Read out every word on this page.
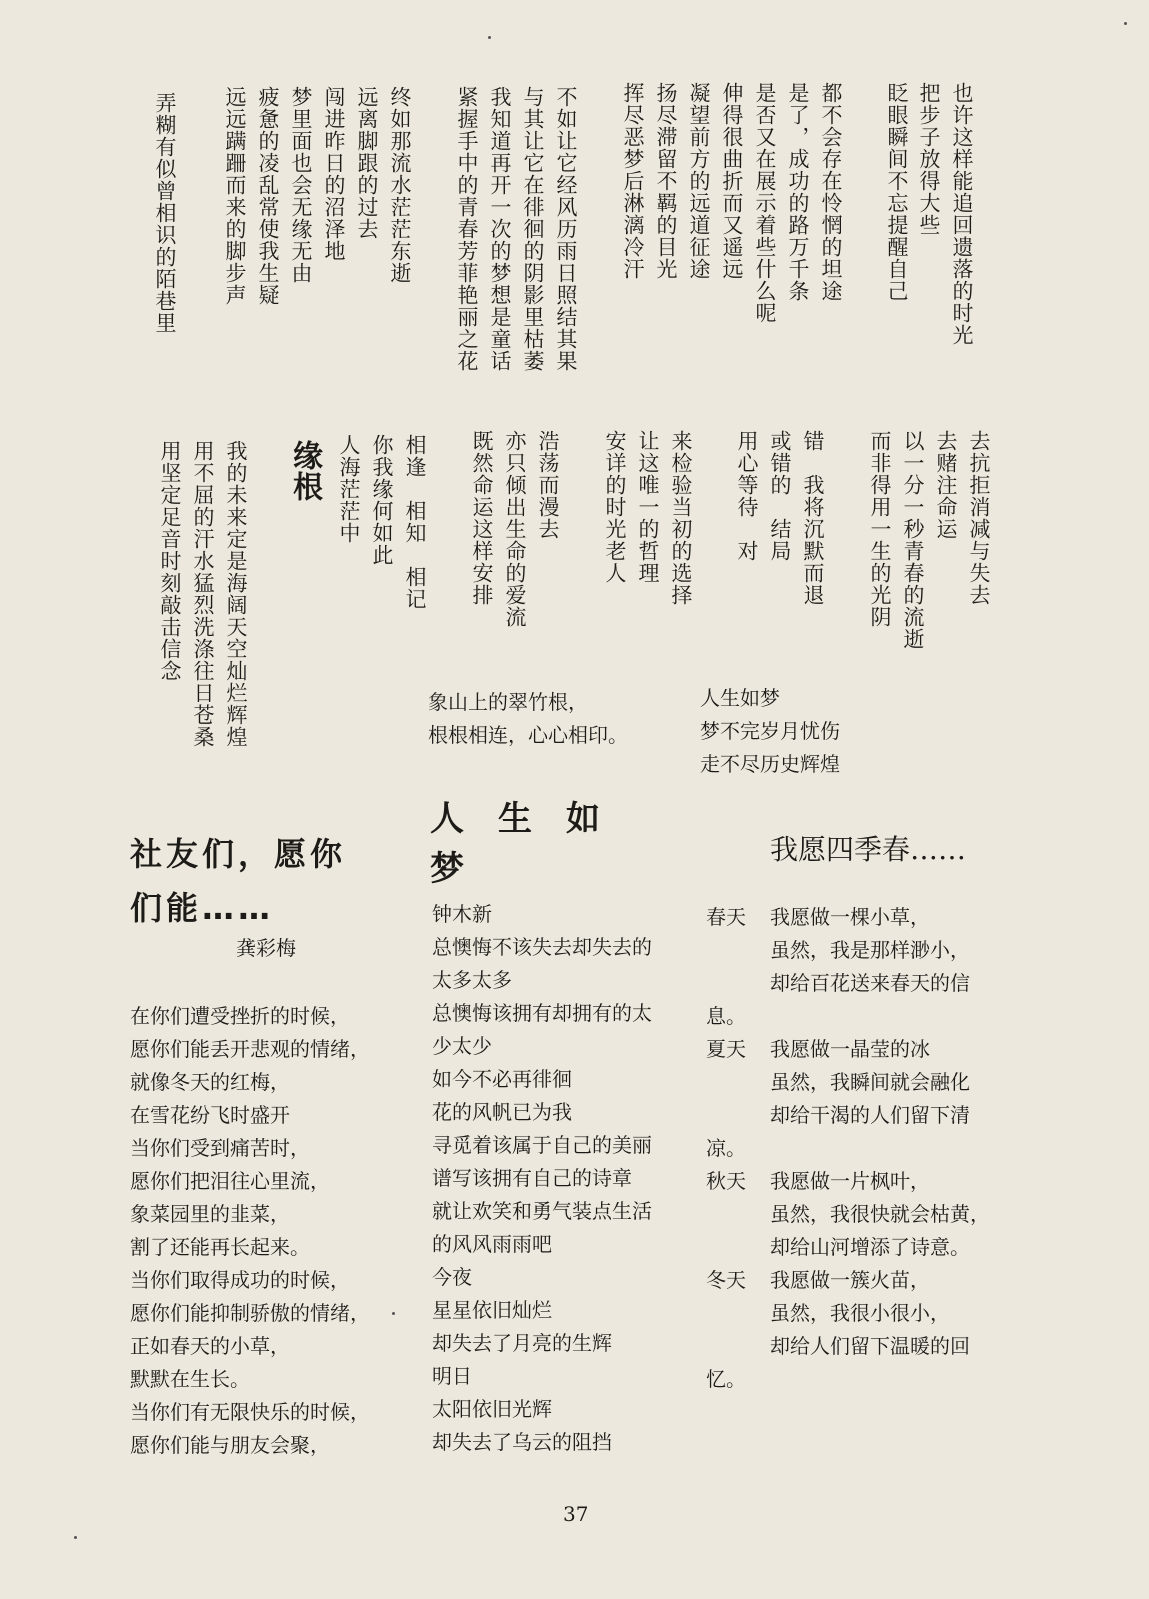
也许这样能追回遗落的时光
把步子放得大些
眨眼瞬间不忘提醒自己
都不会存在怜惘的坦途
是了，成功的路万千条
是否又在展示着些什么呢
伸得很曲折而又遥远
凝望前方的远道征途
扬尽滞留不羁的目光
挥尽恶梦后淋漓冷汗
不如让它经风历雨日照结其果
与其让它在徘徊的阴影里枯萎
我知道再开一次的梦想是童话
紧握手中的青春芳菲艳丽之花
终如那流水茫茫东逝
远离脚跟的过去
闯进昨日的沼泽地
梦里面也会无缘无由
疲惫的凌乱常使我生疑
远远蹒跚而来的脚步声
弄糊有似曾相识的陌巷里
去抗拒消减与失去
去赌注命运
以一分一秒青春的流逝
而非得用一生的光阴
错　我将沉默而退
或错的　结局
用心等待　对
来检验当初的选择
让这唯一的哲理
安详的时光老人
浩荡而漫去
亦只倾出生命的爱流
既然命运这样安排
相逢　相知　相记
你我缘何如此
人海茫茫中
缘根
我的未来定是海阔天空灿烂辉煌
用不屈的汗水猛烈洗涤往日苍桑
用坚定足音时刻敲击信念
象山上的翠竹根，
根根相连，心心相印。
人生如梦
梦不完岁月忧伤
走不尽历史辉煌
社友们，愿你
们能……
龚彩梅
在你们遭受挫折的时候，
愿你们能丢开悲观的情绪，
就像冬天的红梅，
在雪花纷飞时盛开
当你们受到痛苦时，
愿你们把泪往心里流，
象菜园里的韭菜，
割了还能再长起来。
当你们取得成功的时候，
愿你们能抑制骄傲的情绪，
正如春天的小草，
默默在生长。
当你们有无限快乐的时候，
愿你们能与朋友会聚，
人　生　如
梦
钟木新
总懊悔不该失去却失去的
太多太多
总懊悔该拥有却拥有的太
少太少
如今不必再徘徊
花的风帆已为我
寻觅着该属于自己的美丽
谱写该拥有自己的诗章
就让欢笑和勇气装点生活
的风风雨雨吧
今夜
星星依旧灿烂
却失去了月亮的生辉
明日
太阳依旧光辉
却失去了乌云的阻挡
我愿四季春……
春天	我愿做一棵小草，
虽然，我是那样渺小，
却给百花送来春天的信
息。
夏天	我愿做一晶莹的冰
虽然，我瞬间就会融化
却给干渴的人们留下清
凉。
秋天	我愿做一片枫叶，
虽然，我很快就会枯黄，
却给山河增添了诗意。
冬天	我愿做一簇火苗，
虽然，我很小很小，
却给人们留下温暖的回
忆。
37
